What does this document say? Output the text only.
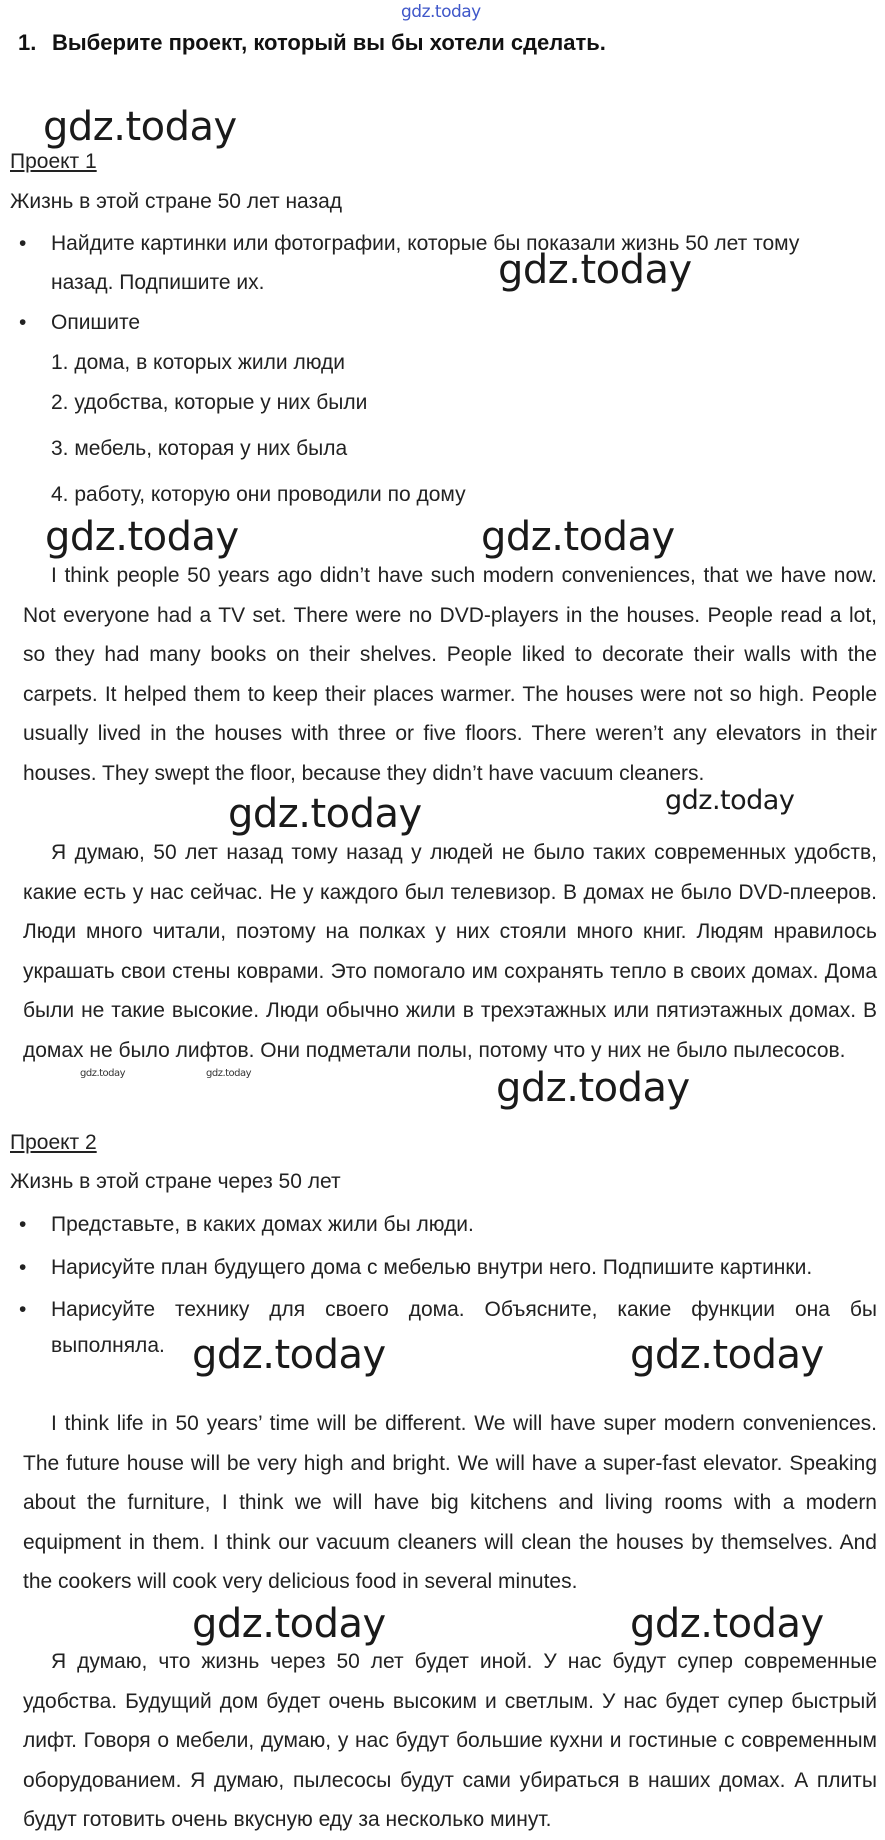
gdz.today
1. Выберите проект, который вы бы хотели сделать.
Проект 1
Жизнь в этой стране 50 лет назад
• Найдите картинки или фотографии, которые бы показали жизнь 50 лет тому
назад. Подпишите их.
• Опишите
1. дома, в которых жили люди
2. удобства, которые у них были
3. мебель, которая у них была
4. работу, которую они проводили по дому
I think people 50 years ago didn’t have such modern conveniences, that we have now. Not everyone had a TV set. There were no DVD-players in the houses. People read a lot, so they had many books on their shelves. People liked to decorate their walls with the carpets. It helped them to keep their places warmer. The houses were not so high. People usually lived in the houses with three or five floors. There weren’t any elevators in their houses. They swept the floor, because they didn’t have vacuum cleaners.
Я думаю, 50 лет назад тому назад у людей не было таких современных удобств, какие есть у нас сейчас. Не у каждого был телевизор. В домах не было DVD-плееров. Люди много читали, поэтому на полках у них стояли много книг. Людям нравилось украшать свои стены коврами. Это помогало им сохранять тепло в своих домах. Дома были не такие высокие. Люди обычно жили в трехэтажных или пятиэтажных домах. В домах не было лифтов. Они подметали полы, потому что у них не было пылесосов.
Проект 2
Жизнь в этой стране через 50 лет
• Представьте, в каких домах жили бы люди.
• Нарисуйте план будущего дома с мебелью внутри него. Подпишите картинки.
• Нарисуйте технику для своего дома. Объясните, какие функции она бы
выполняла.
I think life in 50 years’ time will be different. We will have super modern conveniences. The future house will be very high and bright. We will have a super-fast elevator. Speaking about the furniture, I think we will have big kitchens and living rooms with a modern equipment in them. I think our vacuum cleaners will clean the houses by themselves. And the cookers will cook very delicious food in several minutes.
Я думаю, что жизнь через 50 лет будет иной. У нас будут супер современные удобства. Будущий дом будет очень высоким и светлым. У нас будет супер быстрый лифт. Говоря о мебели, думаю, у нас будут большие кухни и гостиные с современным оборудованием. Я думаю, пылесосы будут сами убираться в наших домах. А плиты будут готовить очень вкусную еду за несколько минут.
gdz.today
gdz.today
gdz.today	gdz.today
gdz.today	gdz.today
gdz.today	gdz.today	gdz.today
gdz.today	gdz.today
gdz.today	gdz.today
